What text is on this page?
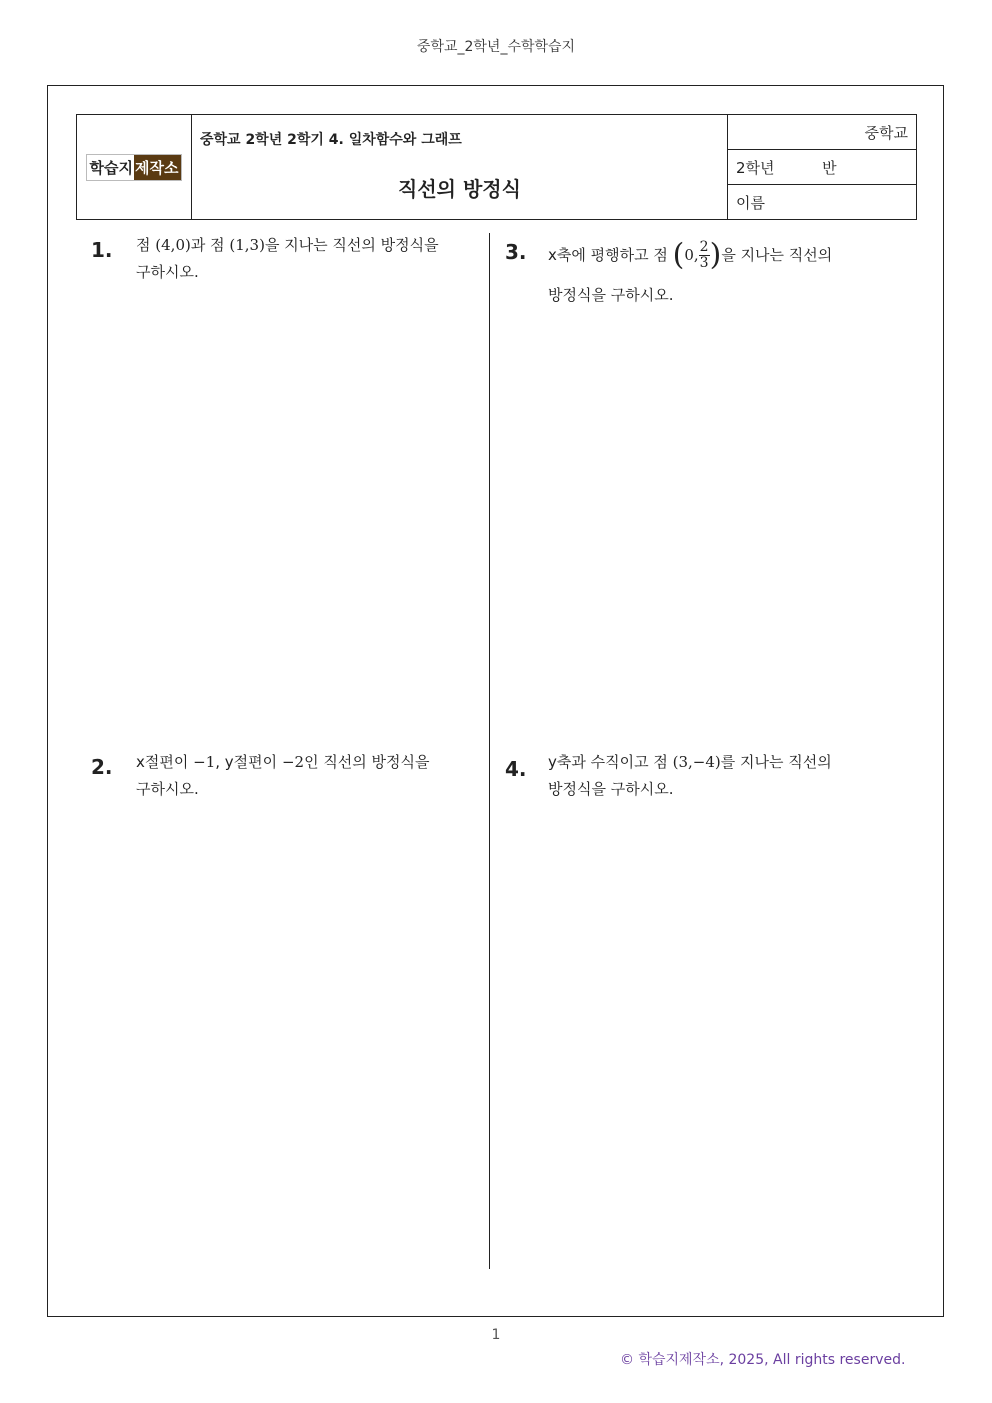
중학교_2학년_수학학습지
학습지 제작소

중학교 2학년 2학기 4. 일차함수와 그래프
직선의 방정식
	중학교
2학년	반
이름
1. 점 (4,0)과 점 (1,3)을 지나는 직선의 방정식을
구하시오.
2. x절편이 −1, y절편이 −2인 직선의 방정식을
구하시오.
3. x축에 평행하고 점 (0, $\frac{2}{3}$ )을 지나는 직선의
방정식을 구하시오.
4. y축과 수직이고 점 (3,−4)를 지나는 직선의
방정식을 구하시오.
1
© 학습지제작소, 2025, All rights reserved.
